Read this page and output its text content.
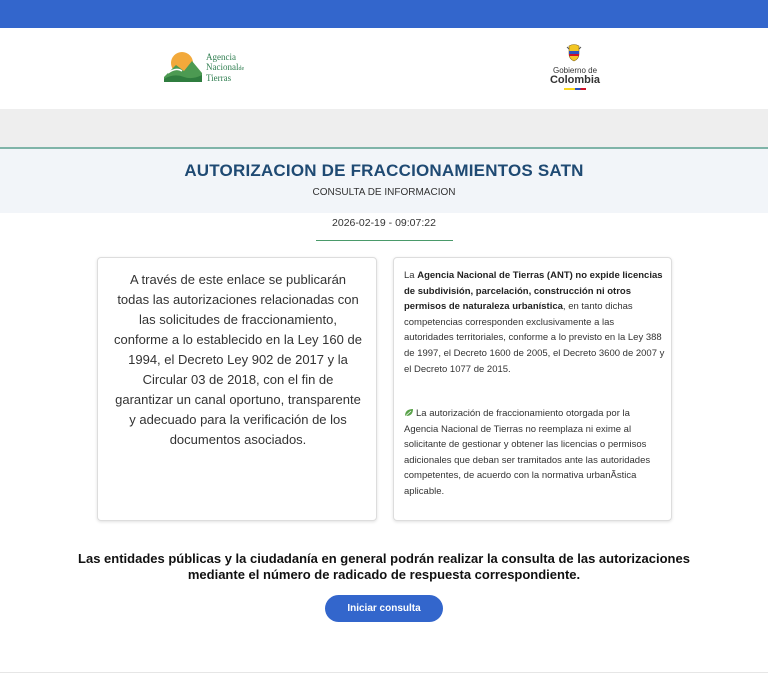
Agencia
Nacionalde
Tierras
Gobierno de
Colombia
AUTORIZACION DE FRACCIONAMIENTOS SATN
CONSULTA DE INFORMACION
2026-02-19 - 09:07:22

A través de este enlace se publicarán todas las autorizaciones relacionadas con las solicitudes de fraccionamiento, conforme a lo establecido en la Ley 160 de 1994, el Decreto Ley 902 de 2017 y la Circular 03 de 2018, con el fin de garantizar un canal oportuno, transparente y adecuado para la verificación de los documentos asociados.

La Agencia Nacional de Tierras (ANT) no expide licencias de subdivisión, parcelación, construcción ni otros permisos de naturaleza urbanística, en tanto dichas competencias corresponden exclusivamente a las autoridades territoriales, conforme a lo previsto en la Ley 388 de 1997, el Decreto 1600 de 2005, el Decreto 3600 de 2007 y el Decreto 1077 de 2015.

La autorización de fraccionamiento otorgada por la Agencia Nacional de Tierras no reemplaza ni exime al solicitante de gestionar y obtener las licencias o permisos adicionales que deban ser tramitados ante las autoridades competentes, de acuerdo con la normativa urbanÃstica aplicable.

Las entidades públicas y la ciudadanía en general podrán realizar la consulta de las autorizaciones
mediante el número de radicado de respuesta correspondiente.
Iniciar consulta
